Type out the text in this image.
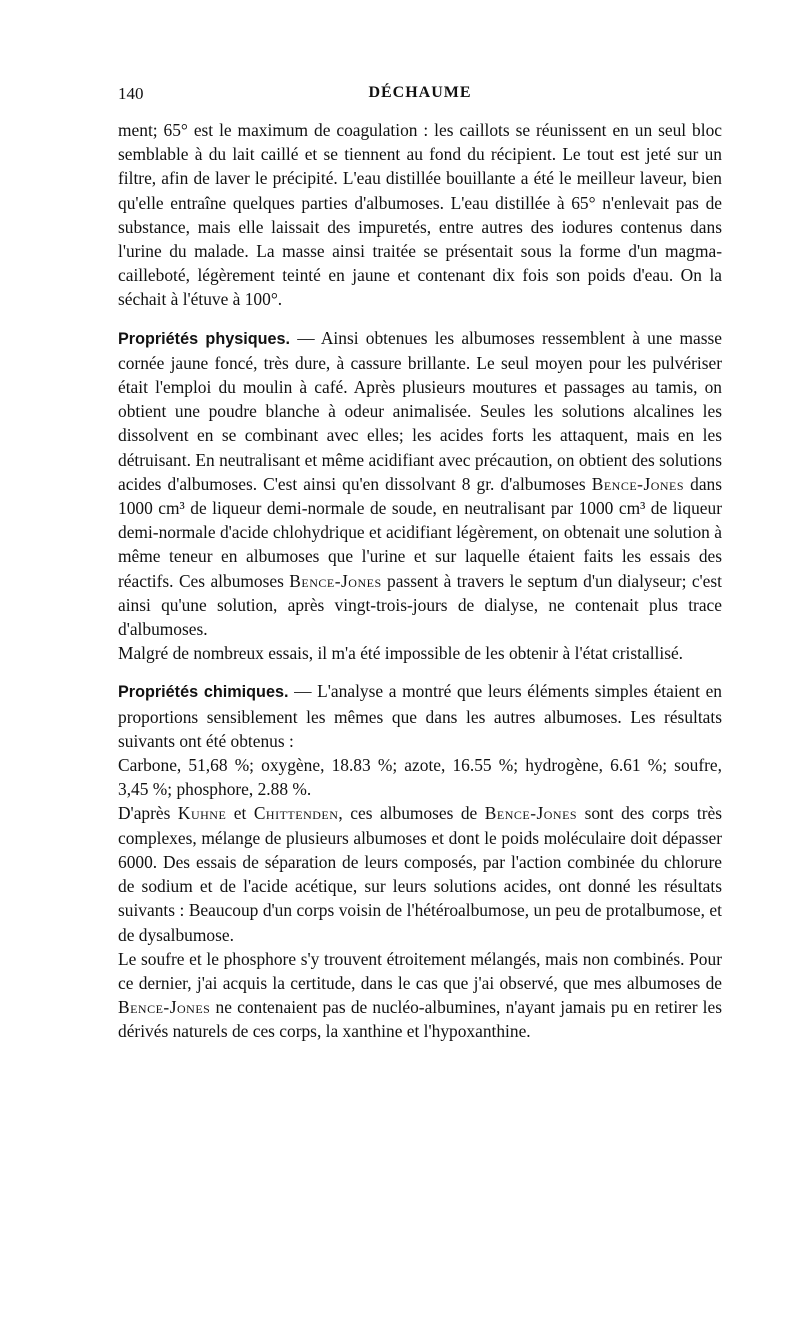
140	DÉCHAUME

ment; 65° est le maximum de coagulation : les caillots se réunissent en un seul bloc semblable à du lait caillé et se tiennent au fond du récipient. Le tout est jeté sur un filtre, afin de laver le précipité. L'eau distillée bouillante a été le meilleur laveur, bien qu'elle entraîne quelques parties d'albumoses. L'eau distillée à 65° n'enlevait pas de substance, mais elle laissait des impuretés, entre autres des iodures contenus dans l'urine du malade. La masse ainsi traitée se présentait sous la forme d'un magma-cailleboté, légèrement teinté en jaune et contenant dix fois son poids d'eau. On la séchait à l'étuve à 100°.

Propriétés physiques. — Ainsi obtenues les albumoses ressemblent à une masse cornée jaune foncé, très dure, à cassure brillante. Le seul moyen pour les pulvériser était l'emploi du moulin à café. Après plusieurs moutures et passages au tamis, on obtient une poudre blanche à odeur animalisée. Seules les solutions alcalines les dissolvent en se combinant avec elles; les acides forts les attaquent, mais en les détruisant. En neutralisant et même acidifiant avec précaution, on obtient des solutions acides d'albumoses. C'est ainsi qu'en dissolvant 8 gr. d'albumoses Bence-Jones dans 1000 cm³ de liqueur demi-normale de soude, en neutralisant par 1000 cm³ de liqueur demi-normale d'acide chlohydrique et acidifiant légèrement, on obtenait une solution à même teneur en albumoses que l'urine et sur laquelle étaient faits les essais des réactifs. Ces albumoses Bence-Jones passent à travers le septum d'un dialyseur; c'est ainsi qu'une solution, après vingt-trois-jours de dialyse, ne contenait plus trace d'albumoses.

Malgré de nombreux essais, il m'a été impossible de les obtenir à l'état cristallisé.

Propriétés chimiques. — L'analyse a montré que leurs éléments simples étaient en proportions sensiblement les mêmes que dans les autres albumoses. Les résultats suivants ont été obtenus :

Carbone, 51,68 %; oxygène, 18.83 %; azote, 16.55 %; hydrogène, 6.61 %; soufre, 3,45 %; phosphore, 2.88 %.

D'après Kuhne et Chittenden, ces albumoses de Bence-Jones sont des corps très complexes, mélange de plusieurs albumoses et dont le poids moléculaire doit dépasser 6000. Des essais de séparation de leurs composés, par l'action combinée du chlorure de sodium et de l'acide acétique, sur leurs solutions acides, ont donné les résultats suivants : Beaucoup d'un corps voisin de l'hétéroalbumose, un peu de protalbumose, et de dysalbumose.

Le soufre et le phosphore s'y trouvent étroitement mélangés, mais non combinés. Pour ce dernier, j'ai acquis la certitude, dans le cas que j'ai observé, que mes albumoses de Bence-Jones ne contenaient pas de nucléo-albumines, n'ayant jamais pu en retirer les dérivés naturels de ces corps, la xanthine et l'hypoxanthine.
